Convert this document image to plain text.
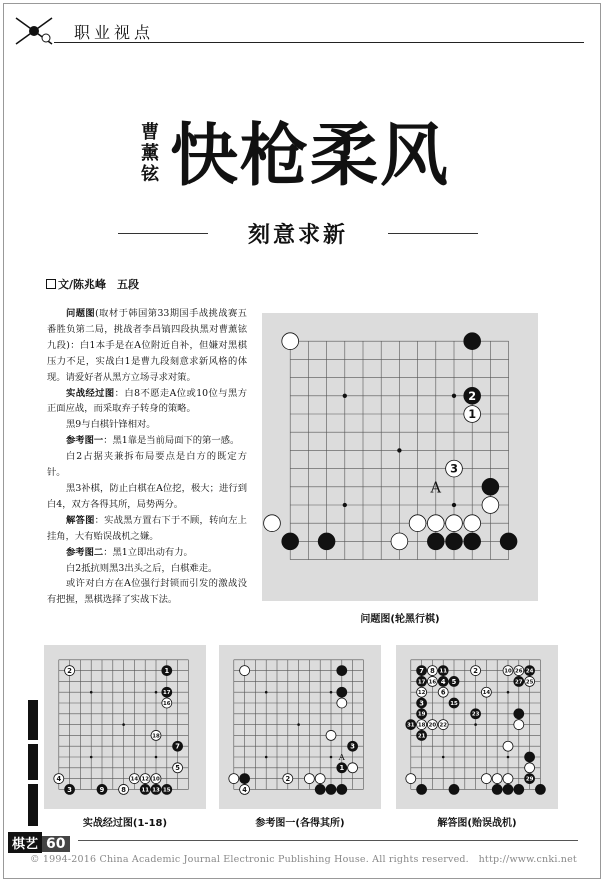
职业视点
曹
薰
铉 快枪柔风
刻意求新
文/陈兆峰　五段

问题图(取材于韩国第33期国手战挑战赛五番胜负第二局，挑战者李昌镐四段执黑对曹薰铉九段)：白1本手是在A位附近自补，但嫌对黑棋压力不足，实战白1是曹九段刻意求新风格的体现。请爱好者从黑方立场寻求对策。

实战经过图：白8不愿走A位或10位与黑方正面应战，而采取弃子转身的策略。

黑9与白棋针锋相对。

参考图一：黑1靠是当前局面下的第一感。

白2占据夹兼拆布局要点是白方的既定方针。

黑3补棋，防止白棋在A位挖，极大；进行到白4，双方各得其所，局势两分。

解答图：实战黑方置右下于不顾，转向左上挂角，大有贻误战机之嫌。

参考图二：黑1立即出动有力。

白2抵抗则黑3出头之后，白棋难走。

或许对白方在A位强行封锁而引发的激战没有把握，黑棋选择了实战下法。

A
2
1
3
问题图(轮黑行棋)
2	1
17
16
18
7
5
4
3	9
14 12 10
8	11 13 15
实战经过图(1-18)
A
3
1
4
2
参考图一(各得其所)
7 8 11	2	10 26 24
17 16 4 5	27 25
12 6	14
3	15
19	23
18
31	20 22
21
29
解答图(贻误战机)
棋艺 60
© 1994-2016 China Academic Journal Electronic Publishing House. All rights reserved.　http://www.cnki.net
